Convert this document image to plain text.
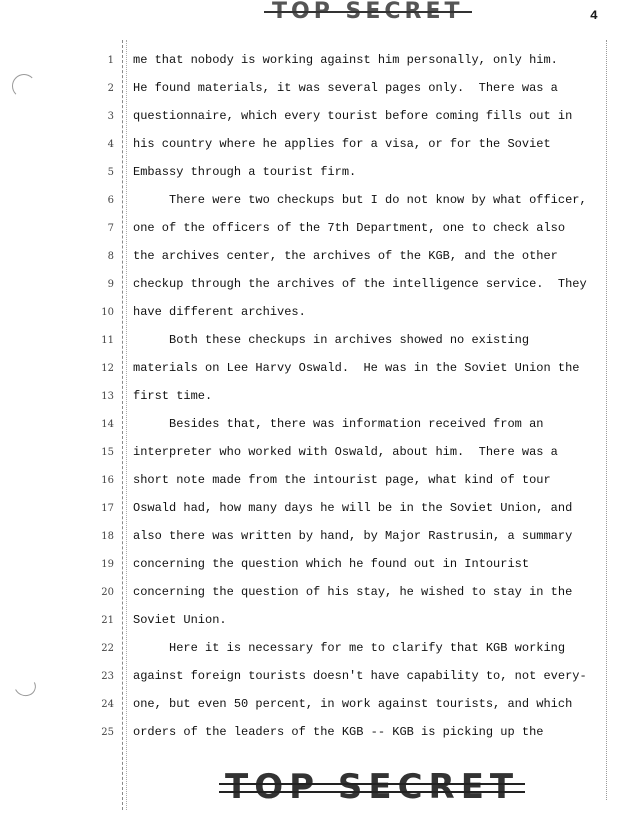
TOP SECRET	4
1 me that nobody is working against him personally, only him.
2 He found materials, it was several pages only.  There was a
3 questionnaire, which every tourist before coming fills out in
4 his country where he applies for a visa, or for the Soviet
5 Embassy through a tourist firm.
6 There were two checkups but I do not know by what officer,
7 one of the officers of the 7th Department, one to check also
8 the archives center, the archives of the KGB, and the other
9 checkup through the archives of the intelligence service.  They
10 have different archives.
11 Both these checkups in archives showed no existing
12 materials on Lee Harvy Oswald.  He was in the Soviet Union the
13 first time.
14 Besides that, there was information received from an
15 interpreter who worked with Oswald, about him.  There was a
16 short note made from the intourist page, what kind of tour
17 Oswald had, how many days he will be in the Soviet Union, and
18 also there was written by hand, by Major Rastrusin, a summary
19 concerning the question which he found out in Intourist
20 concerning the question of his stay, he wished to stay in the
21 Soviet Union.
22 Here it is necessary for me to clarify that KGB working
23 against foreign tourists doesn't have capability to, not every-
24 one, but even 50 percent, in work against tourists, and which
25 orders of the leaders of the KGB -- KGB is picking up the
TOP SECRET
